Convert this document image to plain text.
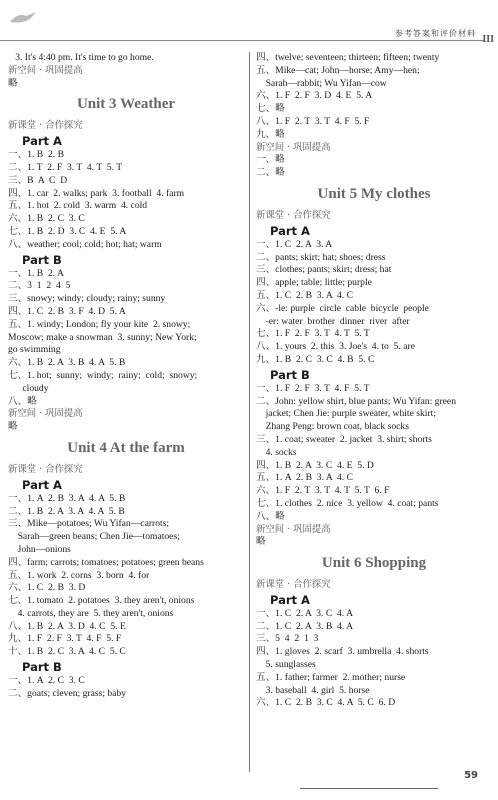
参考答案和评价材料
III
3. It's 4:40 pm. It's time to go home.
新空间 · 巩固提高
略
Unit 3 Weather
新课堂 · 合作探究
Part A
一、1. B  2. B
二、1. T  2. F  3. T  4. T  5. T
三、B  A  C  D
四、1. car  2. walks; park  3. football  4. farm
五、1. hot  2. cold  3. warm  4. cold
六、1. B  2. C  3. C
七、1. B  2. D  3. C  4. E  5. A
八、weather; cool; cold; hot; hat; warm
Part B
一、1. B  2. A
二、3  1  2  4  5
三、snowy; windy; cloudy; rainy; sunny
四、1. C  2. B  3. F  4. D  5. A
五、1. windy; London; fly your kite  2. snowy;
Moscow; make a snowman  3. sunny; New York;
go swimming
六、1. B  2. A  3. B  4. A  5. B
七、1. hot;  sunny;  windy;  rainy;  cold;  snowy;
cloudy
八、略
新空间 · 巩固提高
略
Unit 4 At the farm
新课堂 · 合作探究
Part A
一、1. A  2. B  3. A  4. A  5. B
二、1. B  2. A  3. A  4. A  5. B
三、Mike—potatoes; Wu Yifan—carrots;
Sarah—green beans; Chen Jie—tomatoes;
John—onions
四、farm; carrots; tomatoes; potatoes; green beans
五、1. work  2. corns  3. born  4. for
六、1. C  2. B  3. D
七、1. tomato  2. potatoes  3. they aren't, onions
4. carrots, they are  5. they aren't, onions
八、1. B  2. A  3. D  4. C  5. E
九、1. F  2. F  3. T  4. F  5. F
十、1. B  2. C  3. A  4. C  5. C
Part B
一、1. A  2. C  3. C
二、goats; cleven; grass; baby
四、twelve; seventeen; thirteen; fifteen; twenty
五、Mike—cat; John—horse; Amy—hen;
Sarah—rabbit; Wu Yifan—cow
六、1. F  2. F  3. D  4. E  5. A
七、略
八、1. F  2. T  3. T  4. F  5. F
九、略
新空间 · 巩固提高
一、略
二、略
Unit 5 My clothes
新课堂 · 合作探究
Part A
一、1. C  2. A  3. A
二、pants; skirt; hat; shoes; dress
三、clothes; pants; skirt; dress; hat
四、apple; table; little; purple
五、1. C  2. B  3. A  4. C
六、-le: purple  circle  cable  bicycle  people
-er: water  brother  dinner  river  after
七、1. F  2. F  3. T  4. T  5. T
八、1. yours  2. this  3. Joe's  4. to  5. are
九、1. B  2. C  3. C  4. B  5. C
Part B
一、1. F  2. F  3. T  4. F  5. T
二、John: yellow shirt, blue pants; Wu Yifan: green
jacket; Chen Jie: purple sweater, white skirt;
Zhang Peng: brown coat, black socks
三、1. coat; sweater  2. jacket  3. shirt; shorts
4. socks
四、1. B  2. A  3. C  4. E  5. D
五、1. A  2. B  3. A  4. C
六、1. F  2. T  3. T  4. T  5. T  6. F
七、1. clothes  2. nice  3. yellow  4. coat; pants
八、略
新空间 · 巩固提高
略
Unit 6 Shopping
新课堂 · 合作探究
Part A
一、1. C  2. A  3. C  4. A
二、1. C  2. A  3. B  4. A
三、5  4  2  1  3
四、1. gloves  2. scarf  3. umbrella  4. shorts
5. sunglasses
五、1. father; farmer  2. mother; nurse
3. baseball  4. girl  5. horse
六、1. C  2. B  3. C  4. A  5. C  6. D
59
